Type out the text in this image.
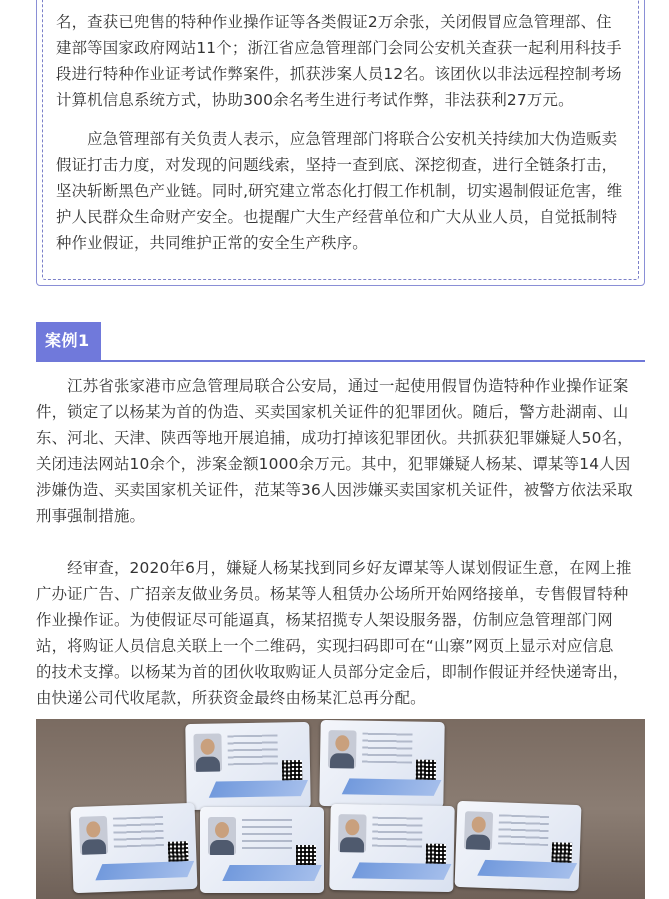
名，查获已兜售的特种作业操作证等各类假证2万余张，关闭假冒应急管理部、住
建部等国家政府网站11个；浙江省应急管理部门会同公安机关查获一起利用科技手
段进行特种作业证考试作弊案件，抓获涉案人员12名。该团伙以非法远程控制考场
计算机信息系统方式，协助300余名考生进行考试作弊，非法获利27万元。

　　应急管理部有关负责人表示，应急管理部门将联合公安机关持续加大伪造贩卖
假证打击力度，对发现的问题线索，坚持一查到底、深挖彻查，进行全链条打击，
坚决斩断黑色产业链。同时,研究建立常态化打假工作机制，切实遏制假证危害，维
护人民群众生命财产安全。也提醒广大生产经营单位和广大从业人员，自觉抵制特
种作业假证，共同维护正常的安全生产秩序。

案例1

　　江苏省张家港市应急管理局联合公安局，通过一起使用假冒伪造特种作业操作证案
件，锁定了以杨某为首的伪造、买卖国家机关证件的犯罪团伙。随后，警方赴湖南、山
东、河北、天津、陕西等地开展追捕，成功打掉该犯罪团伙。共抓获犯罪嫌疑人50名，
关闭违法网站10余个，涉案金额1000余万元。其中，犯罪嫌疑人杨某、谭某等14人因
涉嫌伪造、买卖国家机关证件，范某等36人因涉嫌买卖国家机关证件，被警方依法采取
刑事强制措施。

　　经审查，2020年6月，嫌疑人杨某找到同乡好友谭某等人谋划假证生意，在网上推
广办证广告、广招亲友做业务员。杨某等人租赁办公场所开始网络接单，专售假冒特种
作业操作证。为使假证尽可能逼真，杨某招揽专人架设服务器，仿制应急管理部门网
站，将购证人员信息关联上一个二维码，实现扫码即可在“山寨”网页上显示对应信息
的技术支撑。以杨某为首的团伙收取购证人员部分定金后，即制作假证并经快递寄出，
由快递公司代收尾款，所获资金最终由杨某汇总再分配。
